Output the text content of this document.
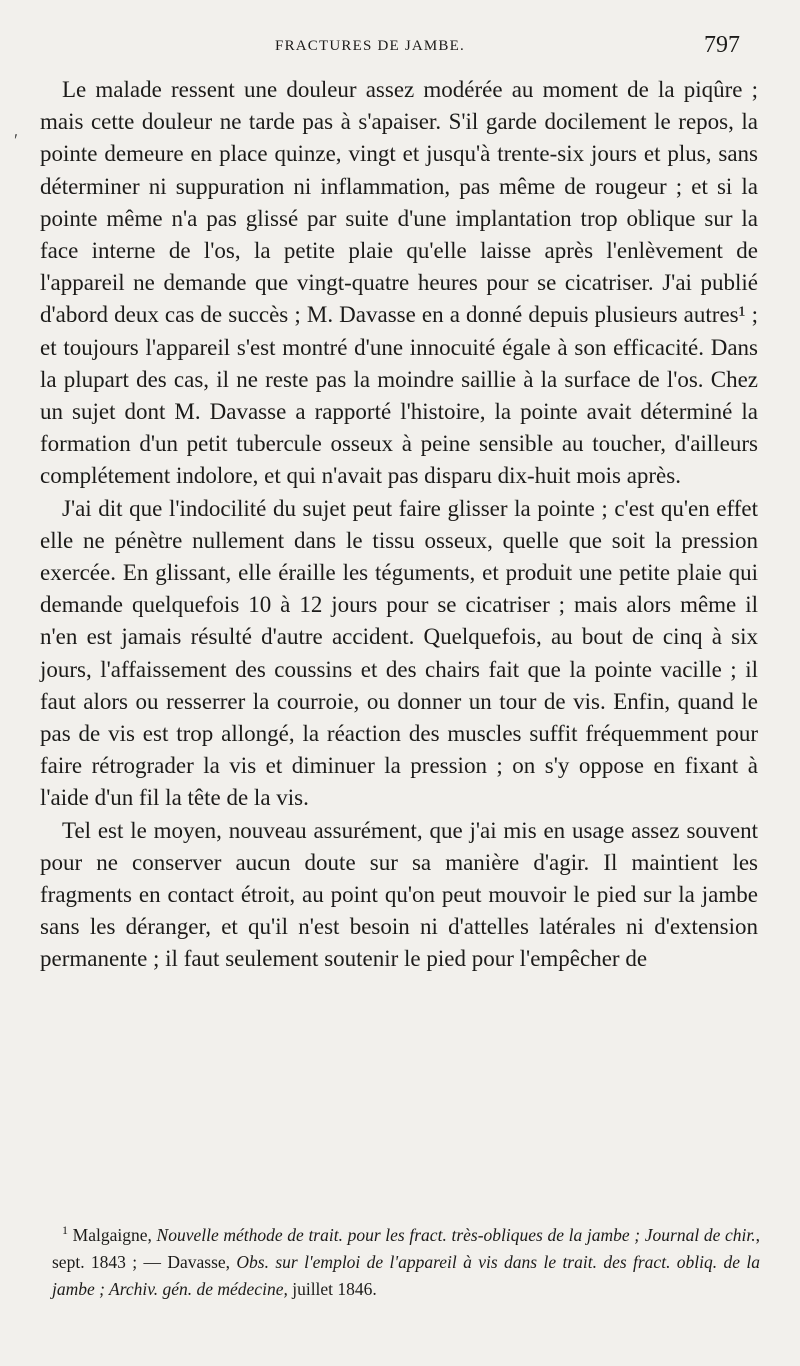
FRACTURES DE JAMBE.	797
ʹ

Le malade ressent une douleur assez modérée au moment de la piqûre ; mais cette douleur ne tarde pas à s'apaiser. S'il garde docilement le repos, la pointe demeure en place quinze, vingt et jusqu'à trente-six jours et plus, sans déterminer ni suppuration ni inflammation, pas même de rougeur ; et si la pointe même n'a pas glissé par suite d'une implantation trop oblique sur la face interne de l'os, la petite plaie qu'elle laisse après l'enlèvement de l'appareil ne demande que vingt-quatre heures pour se cicatriser. J'ai publié d'abord deux cas de succès ; M. Davasse en a donné depuis plusieurs autres¹ ; et toujours l'appareil s'est montré d'une innocuité égale à son efficacité. Dans la plupart des cas, il ne reste pas la moindre saillie à la surface de l'os. Chez un sujet dont M. Davasse a rapporté l'histoire, la pointe avait déterminé la formation d'un petit tubercule osseux à peine sensible au toucher, d'ailleurs complétement indolore, et qui n'avait pas disparu dix-huit mois après.

J'ai dit que l'indocilité du sujet peut faire glisser la pointe ; c'est qu'en effet elle ne pénètre nullement dans le tissu osseux, quelle que soit la pression exercée. En glissant, elle éraille les téguments, et produit une petite plaie qui demande quelquefois 10 à 12 jours pour se cicatriser ; mais alors même il n'en est jamais résulté d'autre accident. Quelquefois, au bout de cinq à six jours, l'affaissement des coussins et des chairs fait que la pointe vacille ; il faut alors ou resserrer la courroie, ou donner un tour de vis. Enfin, quand le pas de vis est trop allongé, la réaction des muscles suffit fréquemment pour faire rétrograder la vis et diminuer la pression ; on s'y oppose en fixant à l'aide d'un fil la tête de la vis.

Tel est le moyen, nouveau assurément, que j'ai mis en usage assez souvent pour ne conserver aucun doute sur sa manière d'agir. Il maintient les fragments en contact étroit, au point qu'on peut mouvoir le pied sur la jambe sans les déranger, et qu'il n'est besoin ni d'attelles latérales ni d'extension permanente ; il faut seulement soutenir le pied pour l'empêcher de

$^1$ Malgaigne, Nouvelle méthode de trait. pour les fract. très-obliques de la jambe ; Journal de chir., sept. 1843 ; — Davasse, Obs. sur l'emploi de l'appareil à vis dans le trait. des fract. obliq. de la jambe ; Archiv. gén. de médecine, juillet 1846.
